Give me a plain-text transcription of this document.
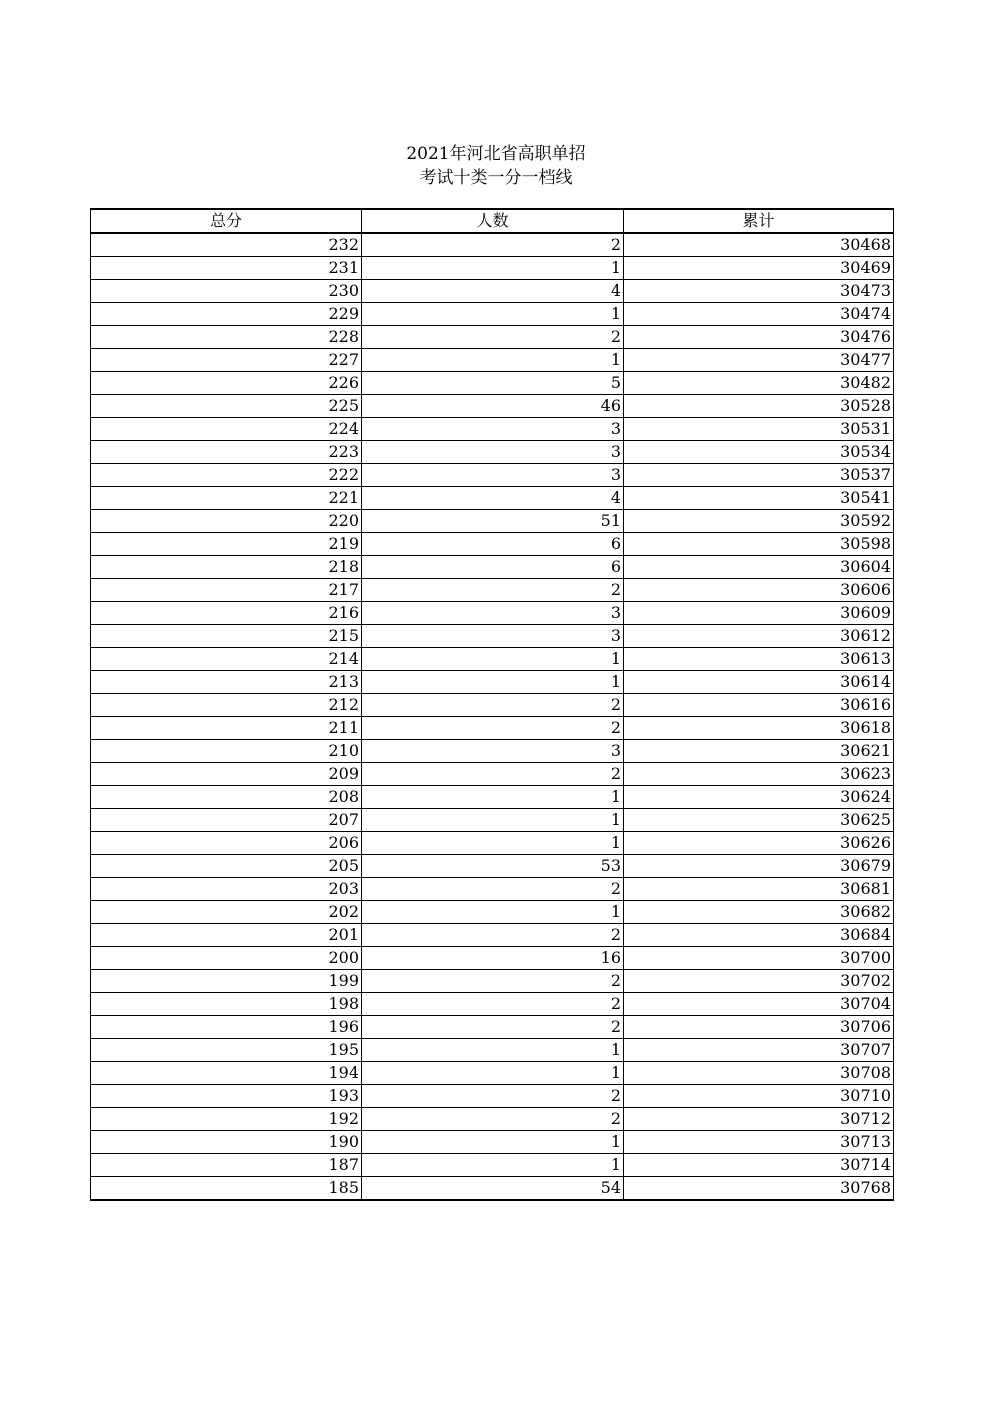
2021年河北省高职单招
考试十类一分一档线
总分	人数	累计
232	2	30468
231	1	30469
230	4	30473
229	1	30474
228	2	30476
227	1	30477
226	5	30482
225	46	30528
224	3	30531
223	3	30534
222	3	30537
221	4	30541
220	51	30592
219	6	30598
218	6	30604
217	2	30606
216	3	30609
215	3	30612
214	1	30613
213	1	30614
212	2	30616
211	2	30618
210	3	30621
209	2	30623
208	1	30624
207	1	30625
206	1	30626
205	53	30679
203	2	30681
202	1	30682
201	2	30684
200	16	30700
199	2	30702
198	2	30704
196	2	30706
195	1	30707
194	1	30708
193	2	30710
192	2	30712
190	1	30713
187	1	30714
185	54	30768
